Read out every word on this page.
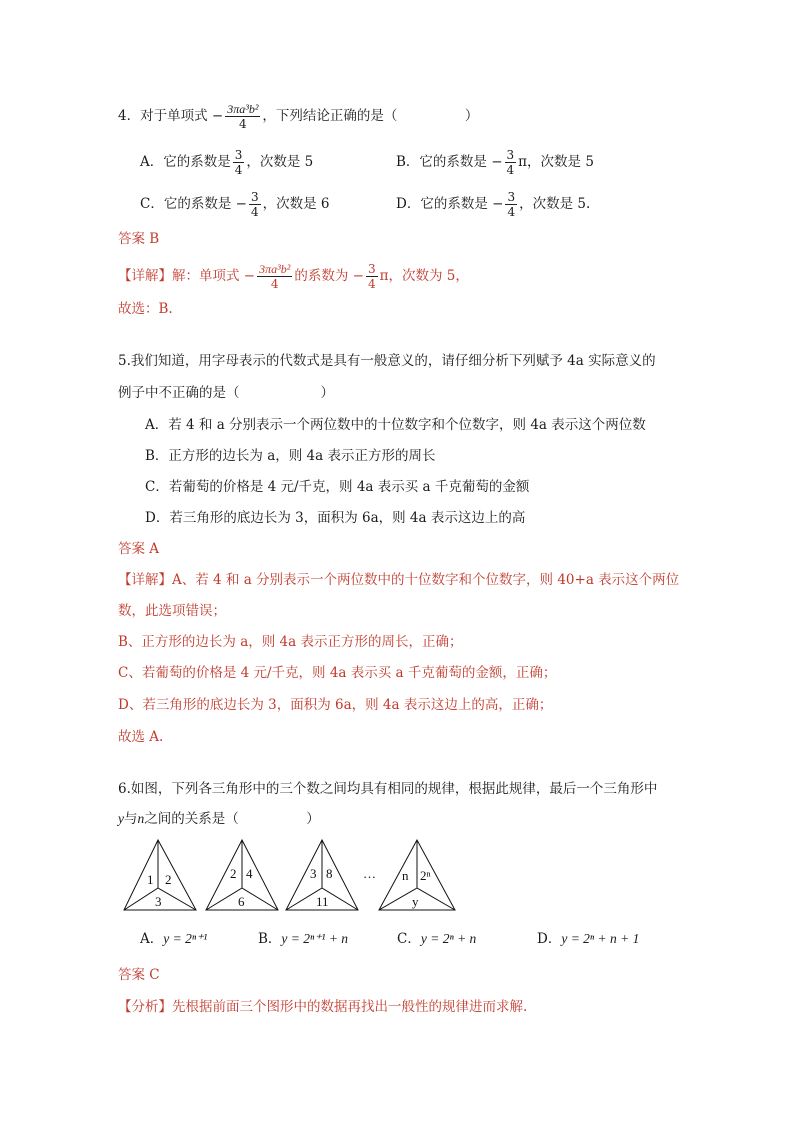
4．对于单项式 − $\frac{\text{3πa³b²}}{4}$ ，下列结论正确的是（　　　　　）
A．它的系数是 $\frac{3}{4}$ ，次数是 5	B．它的系数是 − $\frac{3}{4}$ π，次数是 5
C．它的系数是 − $\frac{3}{4}$ ，次数是 6	D．它的系数是 − $\frac{3}{4}$ ，次数是 5.
答案 B
【详解】解：单项式 − $\frac{\text{3πa³b²}}{4}$ 的系数为 − $\frac{3}{4}$ π，次数为 5，
故选：B.
5.我们知道，用字母表示的代数式是具有一般意义的，请仔细分析下列赋予 4a 实际意义的
例子中不正确的是（　　　　　　）
A．若 4 和 a 分别表示一个两位数中的十位数字和个位数字，则 4a 表示这个两位数
B．正方形的边长为 a，则 4a 表示正方形的周长
C．若葡萄的价格是 4 元/千克，则 4a 表示买 a 千克葡萄的金额
D．若三角形的底边长为 3，面积为 6a，则 4a 表示这边上的高
答案 A
【详解】A、若 4 和 a 分别表示一个两位数中的十位数字和个位数字，则 40+a 表示这个两位
数，此选项错误；
B、正方形的边长为 a，则 4a 表示正方形的周长，正确；
C、若葡萄的价格是 4 元/千克，则 4a 表示买 a 千克葡萄的金额，正确；
D、若三角形的底边长为 3，面积为 6a，则 4a 表示这边上的高，正确；
故选 A.
6.如图，下列各三角形中的三个数之间均具有相同的规律，根据此规律，最后一个三角形中
y与n之间的关系是（　　　　　）
1 2
3
2 4
6
3 8
11
… n 2ⁿ
y
A．y = 2ⁿ⁺¹	B．y = 2ⁿ⁺¹ + n	C．y = 2ⁿ + n	D．y = 2ⁿ + n + 1
答案 C
【分析】先根据前面三个图形中的数据再找出一般性的规律进而求解.
